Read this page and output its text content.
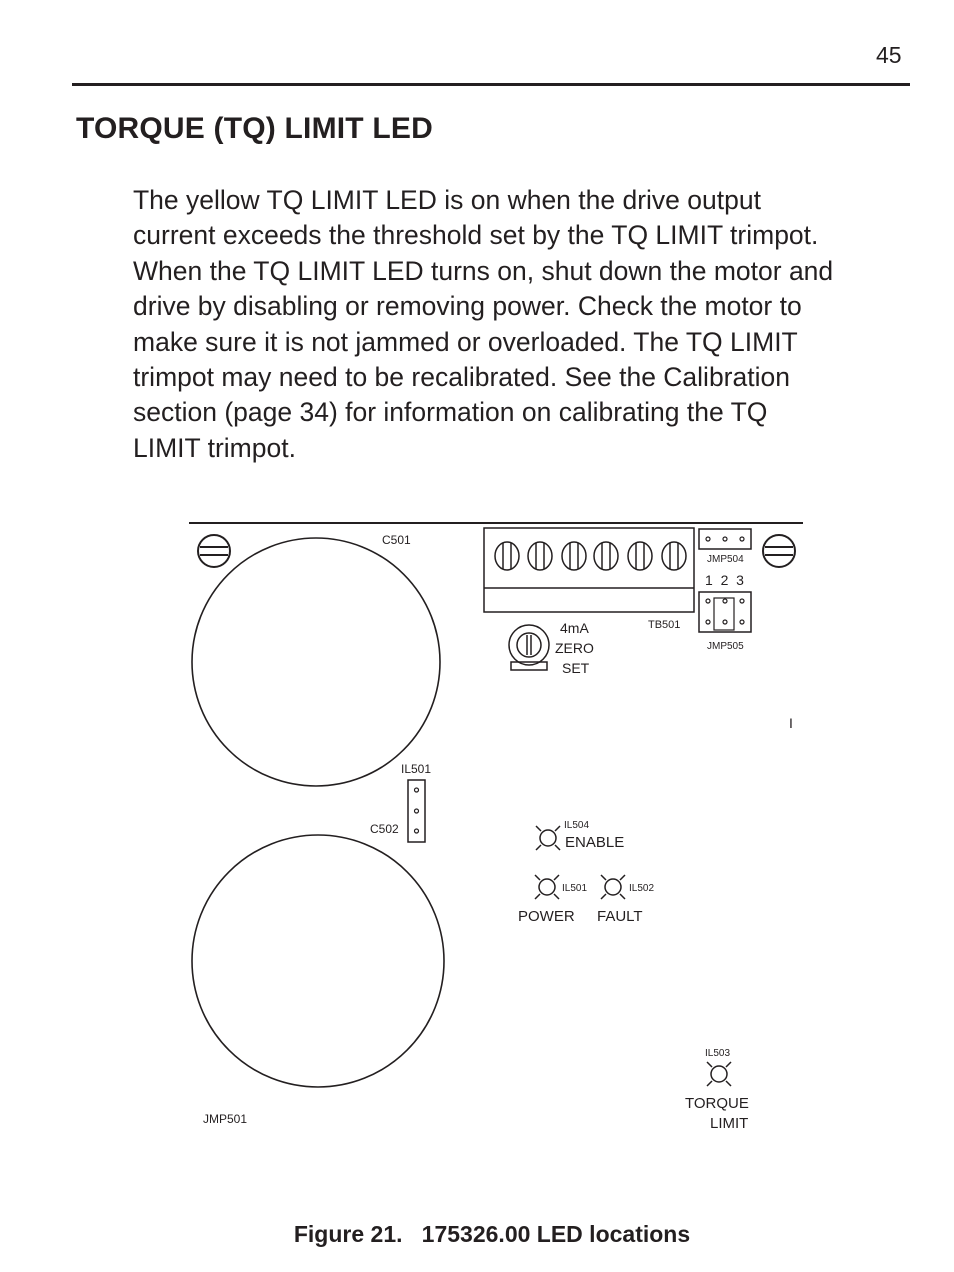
45
TORQUE (TQ) LIMIT LED

The yellow TQ LIMIT LED is on when the drive output
current exceeds the threshold set by the TQ LIMIT trimpot.
When the TQ LIMIT LED turns on, shut down the motor and
drive by disabling or removing power. Check the motor to
make sure it is not jammed or overloaded. The TQ LIMIT
trimpot may need to be recalibrated. See the Calibration
section (page 34) for information on calibrating the TQ
LIMIT trimpot.

C501
C502
IL501
TB501
JMP504
1  2  3
JMP505
4mA
ZERO
SET
I
IL504
ENABLE
IL501
POWER
IL502
FAULT
IL503
TORQUE
LIMIT
JMP501
Figure 21.   175326.00 LED locations
